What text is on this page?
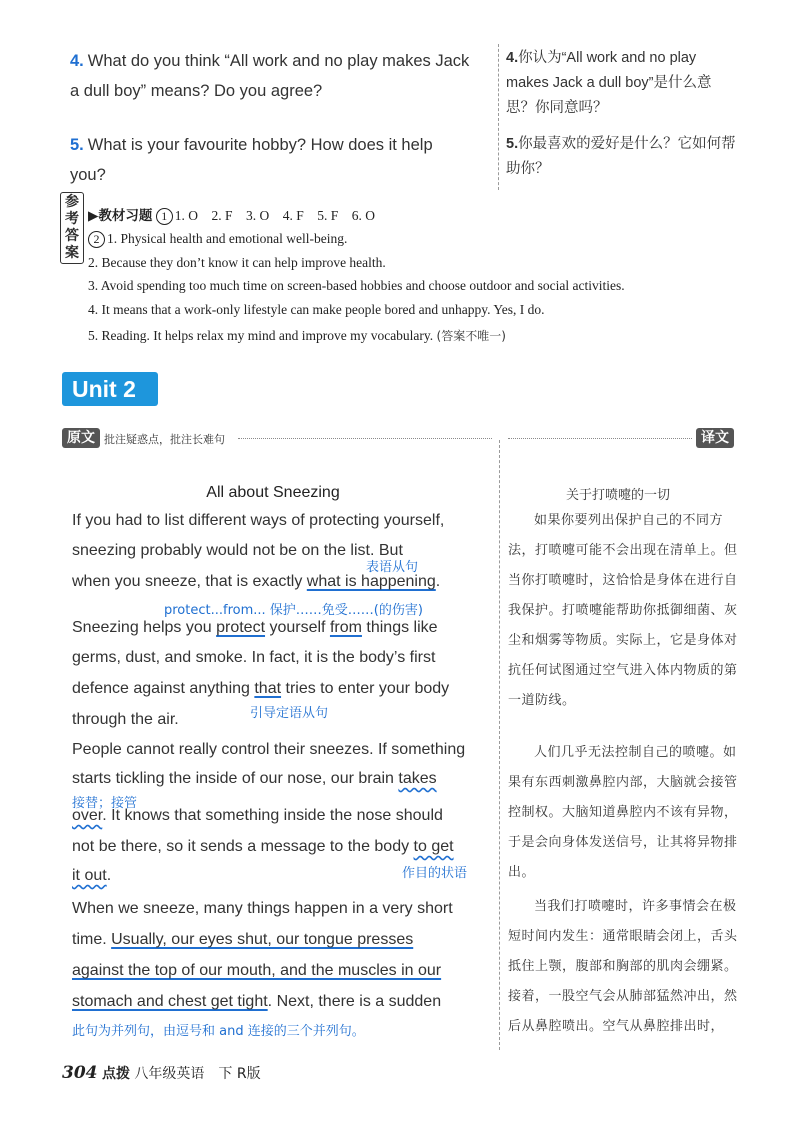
4. What do you think “All work and no play makes Jack
a dull boy” means? Do you agree?
5. What is your favourite hobby? How does it help
you?
4.你认为“All work and no play
makes Jack a dull boy”是什么意
思？你同意吗？
5.你最喜欢的爱好是什么？它如何帮
助你？
参考答案
▶教材习题 1 1. O　2. F　3. O　4. F　5. F　6. O
2 1. Physical health and emotional well-being.
2. Because they don’t know it can help improve health.
3. Avoid spending too much time on screen-based hobbies and choose outdoor and social activities.
4. It means that a work-only lifestyle can make people bored and unhappy. Yes, I do.
5. Reading. It helps relax my mind and improve my vocabulary. (答案不唯一)
Unit 2
原文 批注疑惑点，批注长难句	译文
All about Sneezing
If you had to list different ways of protecting yourself,
sneezing probably would not be on the list. But
表语从句
when you sneeze, that is exactly what is happening.
protect...from... 保护……免受……(的伤害)
Sneezing helps you protect yourself from things like
germs, dust, and smoke. In fact, it is the body’s first
defence against anything that tries to enter your body
引导定语从句
through the air.
People cannot really control their sneezes. If something
starts tickling the inside of our nose, our brain takes
接替；接管
over. It knows that something inside the nose should
not be there, so it sends a message to the body to get
作目的状语
it out.
When we sneeze, many things happen in a very short
time. Usually, our eyes shut, our tongue presses
against the top of our mouth, and the muscles in our
stomach and chest get tight. Next, there is a sudden
此句为并列句，由逗号和 and 连接的三个并列句。
关于打喷嚏的一切
如果你要列出保护自己的不同方法，打喷嚏可能不会出现在清单上。但当你打喷嚏时，这恰恰是身体在进行自我保护。打喷嚏能帮助你抵御细菌、灰尘和烟雾等物质。实际上，它是身体对抗任何试图通过空气进入体内物质的第一道防线。
人们几乎无法控制自己的喷嚏。如果有东西刺激鼻腔内部，大脑就会接管控制权。大脑知道鼻腔内不该有异物，于是会向身体发送信号，让其将异物排出。
当我们打喷嚏时，许多事情会在极短时间内发生：通常眼睛会闭上，舌头抵住上颚，腹部和胸部的肌肉会绷紧。接着，一股空气会从肺部猛然冲出，然后从鼻腔喷出。空气从鼻腔排出时，
304 点拨 八年级英语　下 R版
